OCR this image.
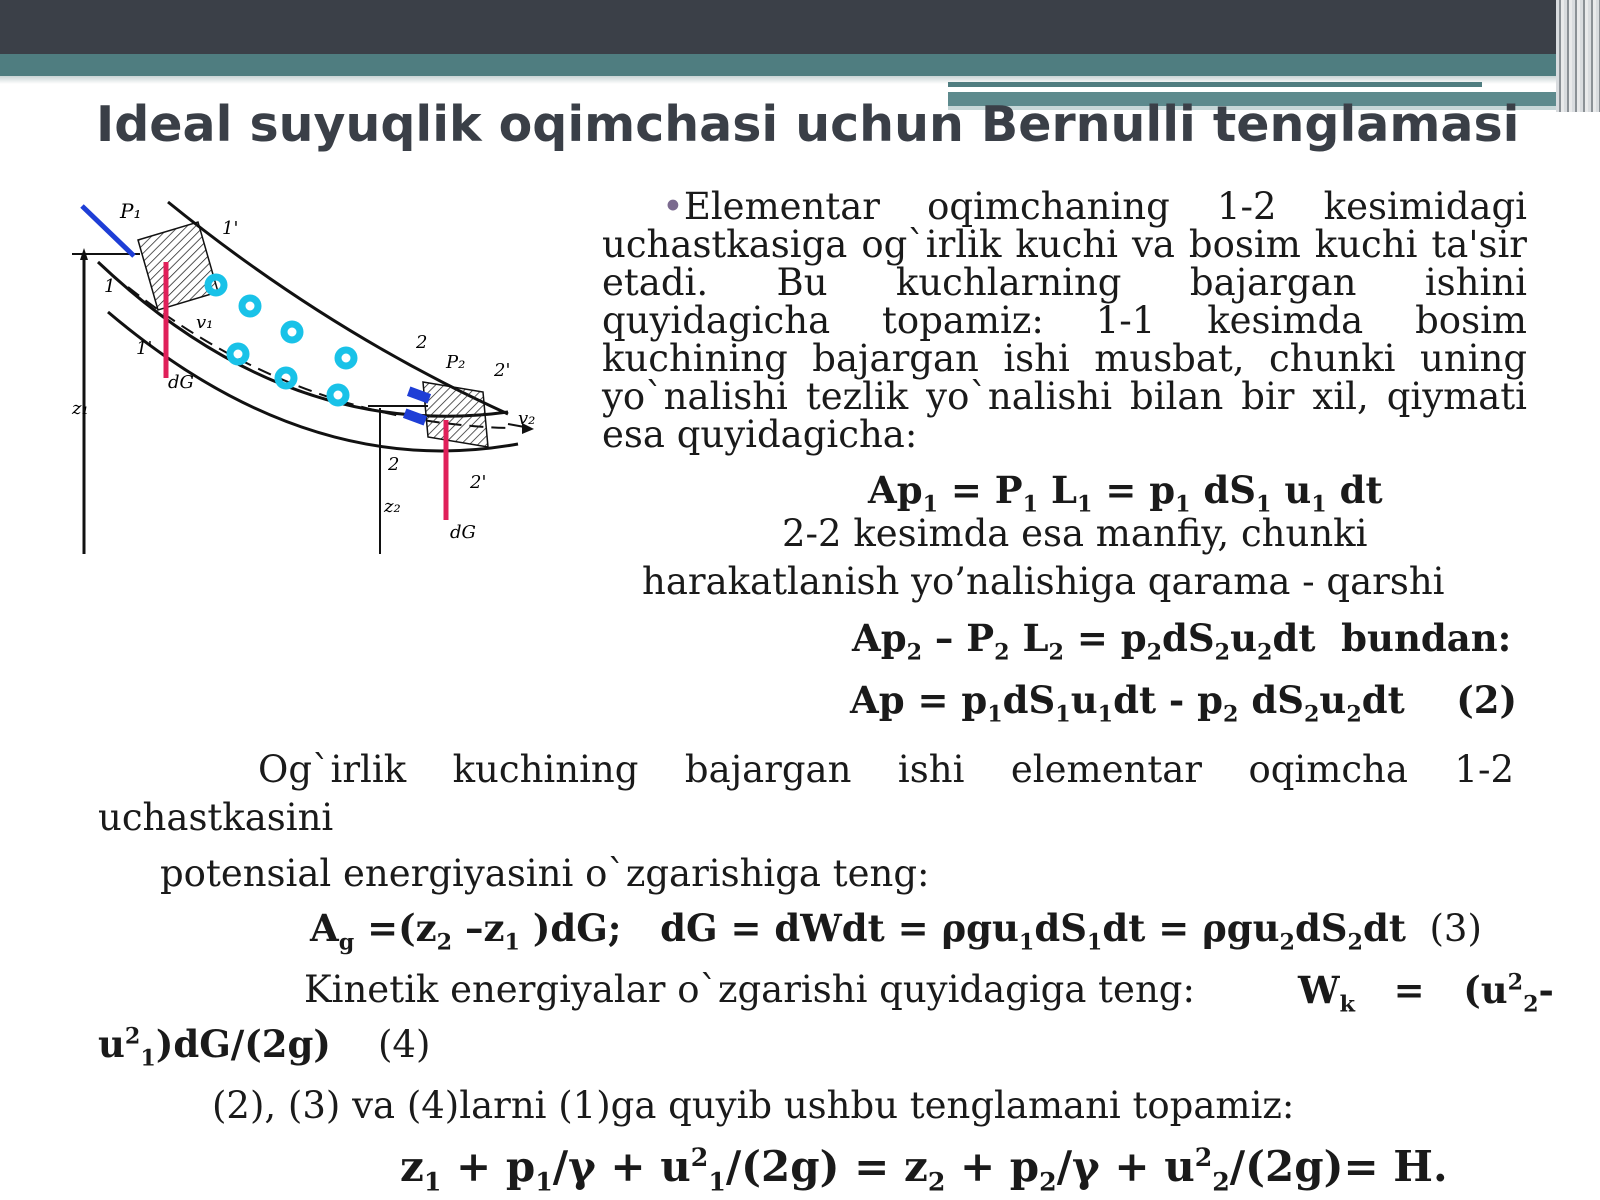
Ideal suyuqlik oqimchasi uchun Bernulli tenglamasi
P₁
1'
1
1'
v₁
dG
z₁
2
P₂ 2'
v₂
2
2'
z₂
dG
•Elementar oqimchaning 1-2 kesimidagi uchastkasiga og`irlik kuchi va bosim kuchi ta'sir etadi. Bu kuchlarning bajargan ishini quyidagicha topamiz: 1-1 kesimda bosim kuchining bajargan ishi musbat, chunki uning yo`nalishi tezlik yo`nalishi bilan bir xil, qiymati esa quyidagicha:
$Ap_1 = P_1$ $L_1 = p_1$ $dS_1$ $u_1$ dt
2-2 kesimda esa manfiy, chunki
harakatlanish yo’nalishiga qarama - qarshi
$Ap_2 - P_2$ $L_2 = p_2dS_2u_2dt$  bundan:
$Ap = p_1dS_1u_1dt - p_2$ $dS_2u_2dt$    (2)
Og`irlik kuchining bajargan ishi elementar oqimcha 1-2
uchastkasini
potensial energiyasini o`zgarishiga teng:
$A_g =(z_2$ $-z_1$ )dG;   dG = dWdt = $\rho gu_1dS_1dt = \rho gu_2dS_2dt$ (3)
Kinetik energiyalar o`zgarishi quyidagiga teng:	$W_k = (u^2_2-$
$u^2_1)dG/(2g)$ (4)
(2), (3) va (4)larni (1)ga quyib ushbu tenglamani topamiz:
$z_1 + p_1/\gamma + u^2_1/(2g) = z_2 + p_2/\gamma + u^2_2/(2g)= H$.
